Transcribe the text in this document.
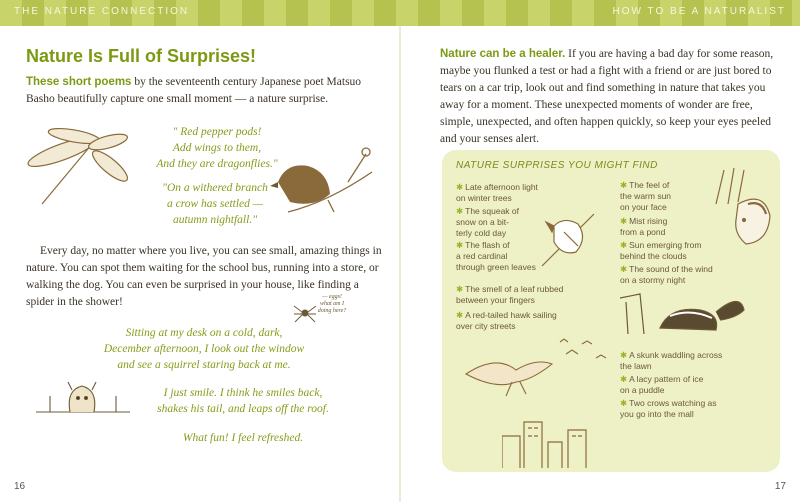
THE NATURE CONNECTION	HOW TO BE A NATURALIST
Nature Is Full of Surprises!

These short poems by the seventeenth century Japanese poet Matsuo Basho beautifully capture one small moment — a nature surprise.

" Red pepper pods!
Add wings to them,
And they are dragonflies."
"On a withered branch
a crow has settled —
autumn nightfall."

Every day, no matter where you live, you can see small, amazing things in nature. You can spot them waiting for the school bus, running into a store, or walking the dog. You can even be surprised in your house, like finding a spider in the shower!	— eggs!
what am I
doing here?
Sitting at my desk on a cold, dark,
December afternoon, I look out the window
and see a squirrel staring back at me.
I just smile. I think he smiles back,
shakes his tail, and leaps off the roof.
What fun! I feel refreshed.
16

Nature can be a healer. If you are having a bad day for some reason, maybe you flunked a test or had a fight with a friend or are just bored to tears on a car trip, look out and find something in nature that takes you away for a moment. These unexpected moments of wonder are free, simple, unexpected, and often happen quickly, so keep your eyes peeled and your senses alert.

NATURE SURPRISES YOU MIGHT FIND
✱ Late afternoon light
on winter trees
✱ The squeak of
snow on a bit-
terly cold day
✱ The flash of
a red cardinal
through green leaves
✱ The smell of a leaf rubbed
between your fingers
✱ A red-tailed hawk sailing
over city streets
✱ The feel of
the warm sun
on your face
✱ Mist rising
from a pond
✱ Sun emerging from
behind the clouds
✱ The sound of the wind
on a stormy night
✱ A skunk waddling across
the lawn
✱ A lacy pattern of ice
on a puddle
✱ Two crows watching as
you go into the mall
17
